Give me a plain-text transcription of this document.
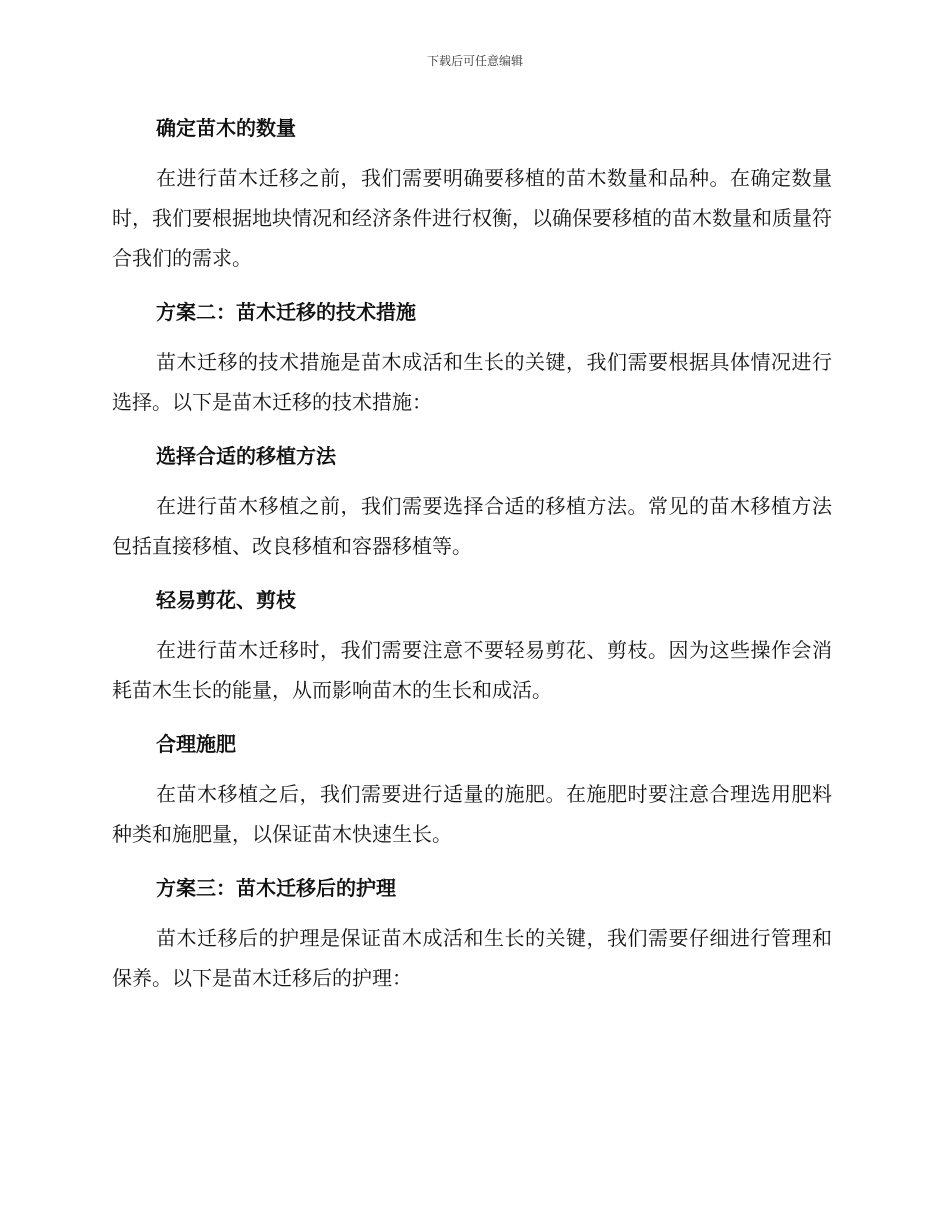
下载后可任意编辑
确定苗木的数量

在进行苗木迁移之前，我们需要明确要移植的苗木数量和品种。在确定数量时，我们要根据地块情况和经济条件进行权衡，以确保要移植的苗木数量和质量符合我们的需求。

方案二：苗木迁移的技术措施

苗木迁移的技术措施是苗木成活和生长的关键，我们需要根据具体情况进行选择。以下是苗木迁移的技术措施：

选择合适的移植方法

在进行苗木移植之前，我们需要选择合适的移植方法。常见的苗木移植方法包括直接移植、改良移植和容器移植等。

轻易剪花、剪枝

在进行苗木迁移时，我们需要注意不要轻易剪花、剪枝。因为这些操作会消耗苗木生长的能量，从而影响苗木的生长和成活。

合理施肥

在苗木移植之后，我们需要进行适量的施肥。在施肥时要注意合理选用肥料种类和施肥量，以保证苗木快速生长。

方案三：苗木迁移后的护理

苗木迁移后的护理是保证苗木成活和生长的关键，我们需要仔细进行管理和保养。以下是苗木迁移后的护理：
